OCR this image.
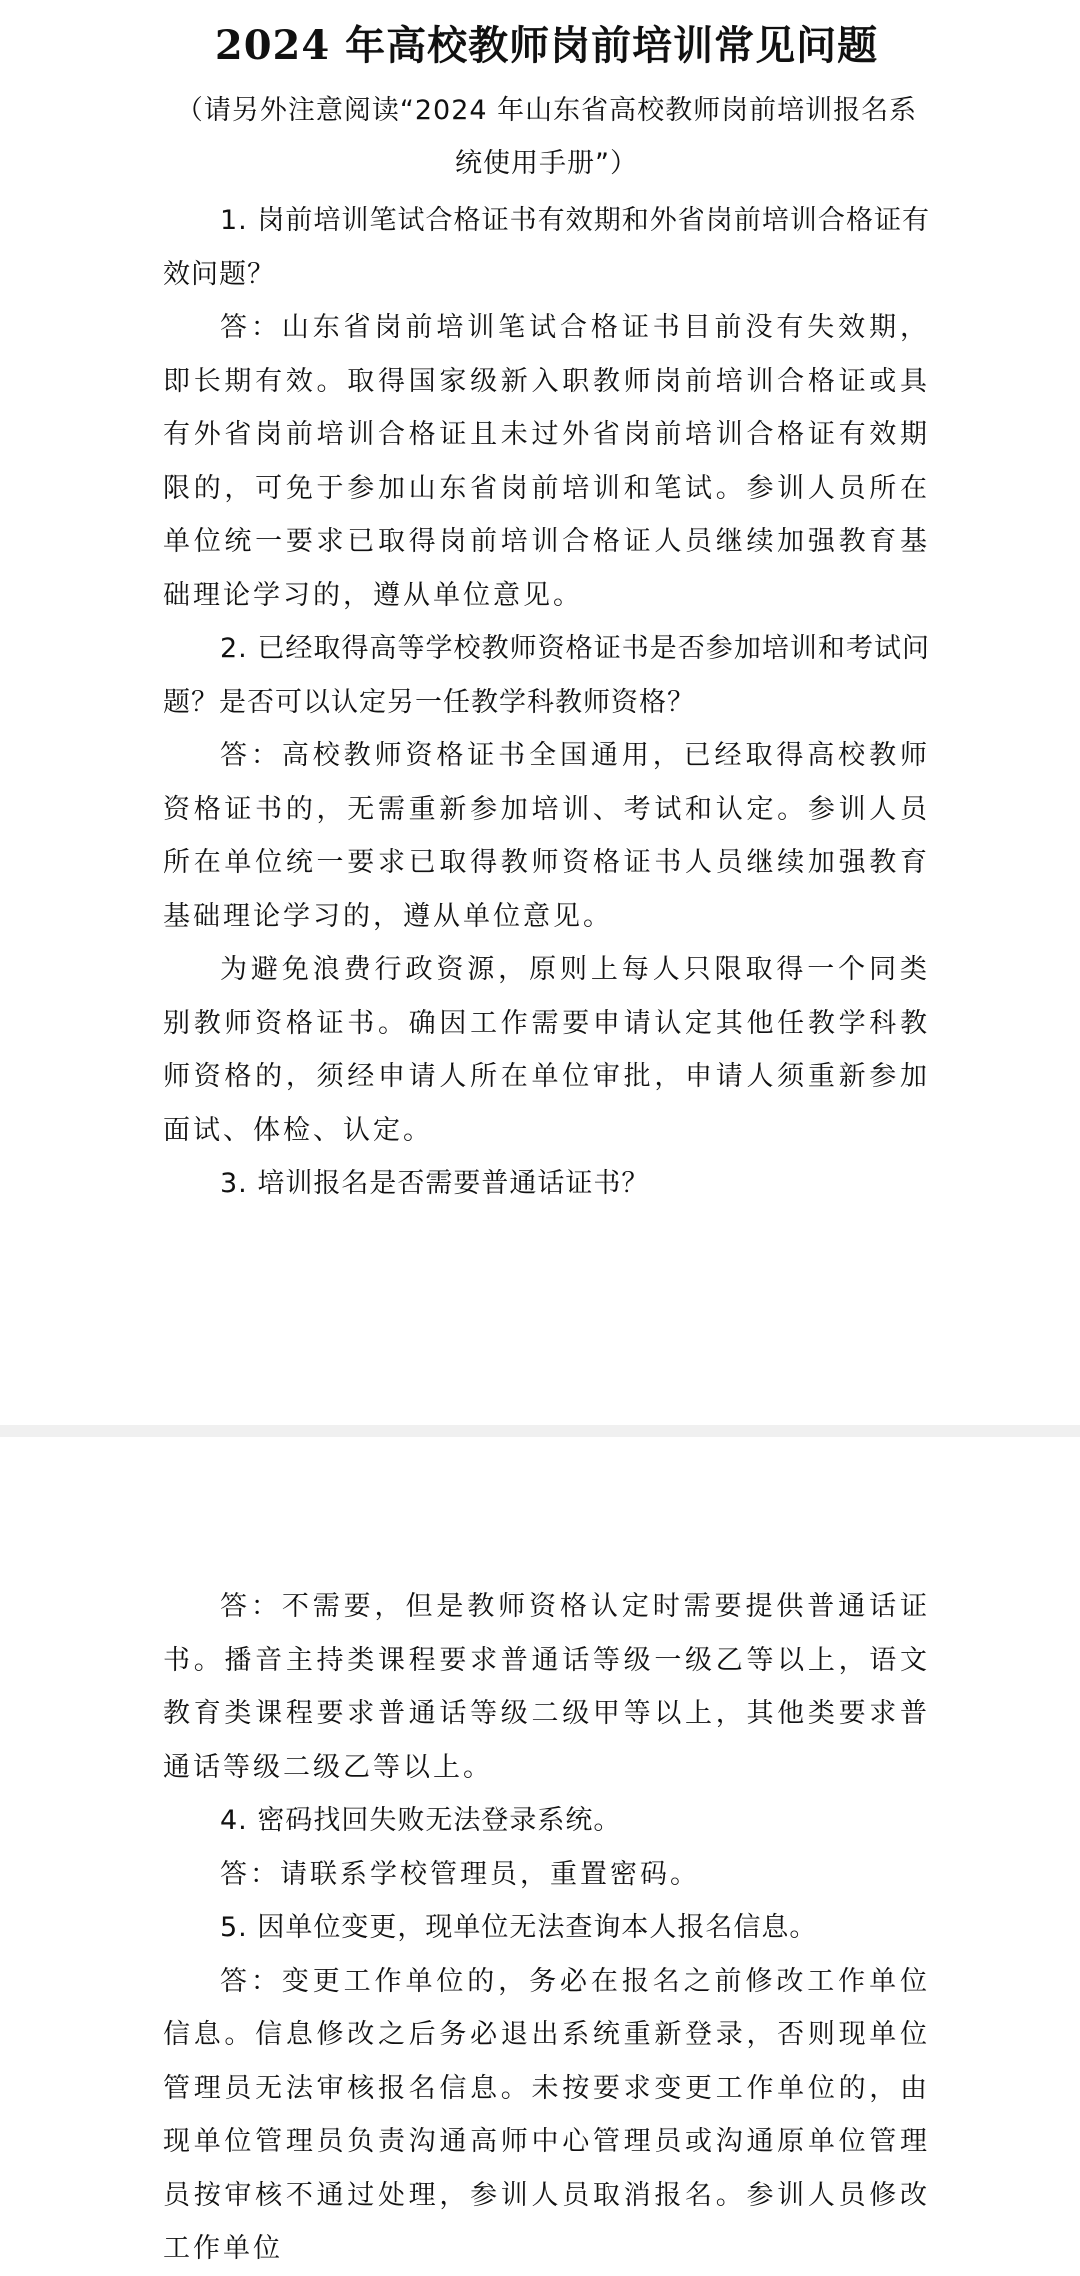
2024 年高校教师岗前培训常见问题

（请另外注意阅读“2024 年山东省高校教师岗前培训报名系统使用手册”）

1. 岗前培训笔试合格证书有效期和外省岗前培训合格证有效问题？

答：山东省岗前培训笔试合格证书目前没有失效期，即长期有效。取得国家级新入职教师岗前培训合格证或具有外省岗前培训合格证且未过外省岗前培训合格证有效期限的，可免于参加山东省岗前培训和笔试。参训人员所在单位统一要求已取得岗前培训合格证人员继续加强教育基础理论学习的，遵从单位意见。

2. 已经取得高等学校教师资格证书是否参加培训和考试问题？是否可以认定另一任教学科教师资格？

答：高校教师资格证书全国通用，已经取得高校教师资格证书的，无需重新参加培训、考试和认定。参训人员所在单位统一要求已取得教师资格证书人员继续加强教育基础理论学习的，遵从单位意见。

为避免浪费行政资源，原则上每人只限取得一个同类别教师资格证书。确因工作需要申请认定其他任教学科教师资格的，须经申请人所在单位审批，申请人须重新参加面试、体检、认定。

3. 培训报名是否需要普通话证书？

答：不需要，但是教师资格认定时需要提供普通话证书。播音主持类课程要求普通话等级一级乙等以上，语文教育类课程要求普通话等级二级甲等以上，其他类要求普通话等级二级乙等以上。

4. 密码找回失败无法登录系统。

答：请联系学校管理员，重置密码。

5. 因单位变更，现单位无法查询本人报名信息。

答：变更工作单位的，务必在报名之前修改工作单位信息。信息修改之后务必退出系统重新登录，否则现单位管理员无法审核报名信息。未按要求变更工作单位的，由现单位管理员负责沟通高师中心管理员或沟通原单位管理员按审核不通过处理，参训人员取消报名。参训人员修改工作单位
